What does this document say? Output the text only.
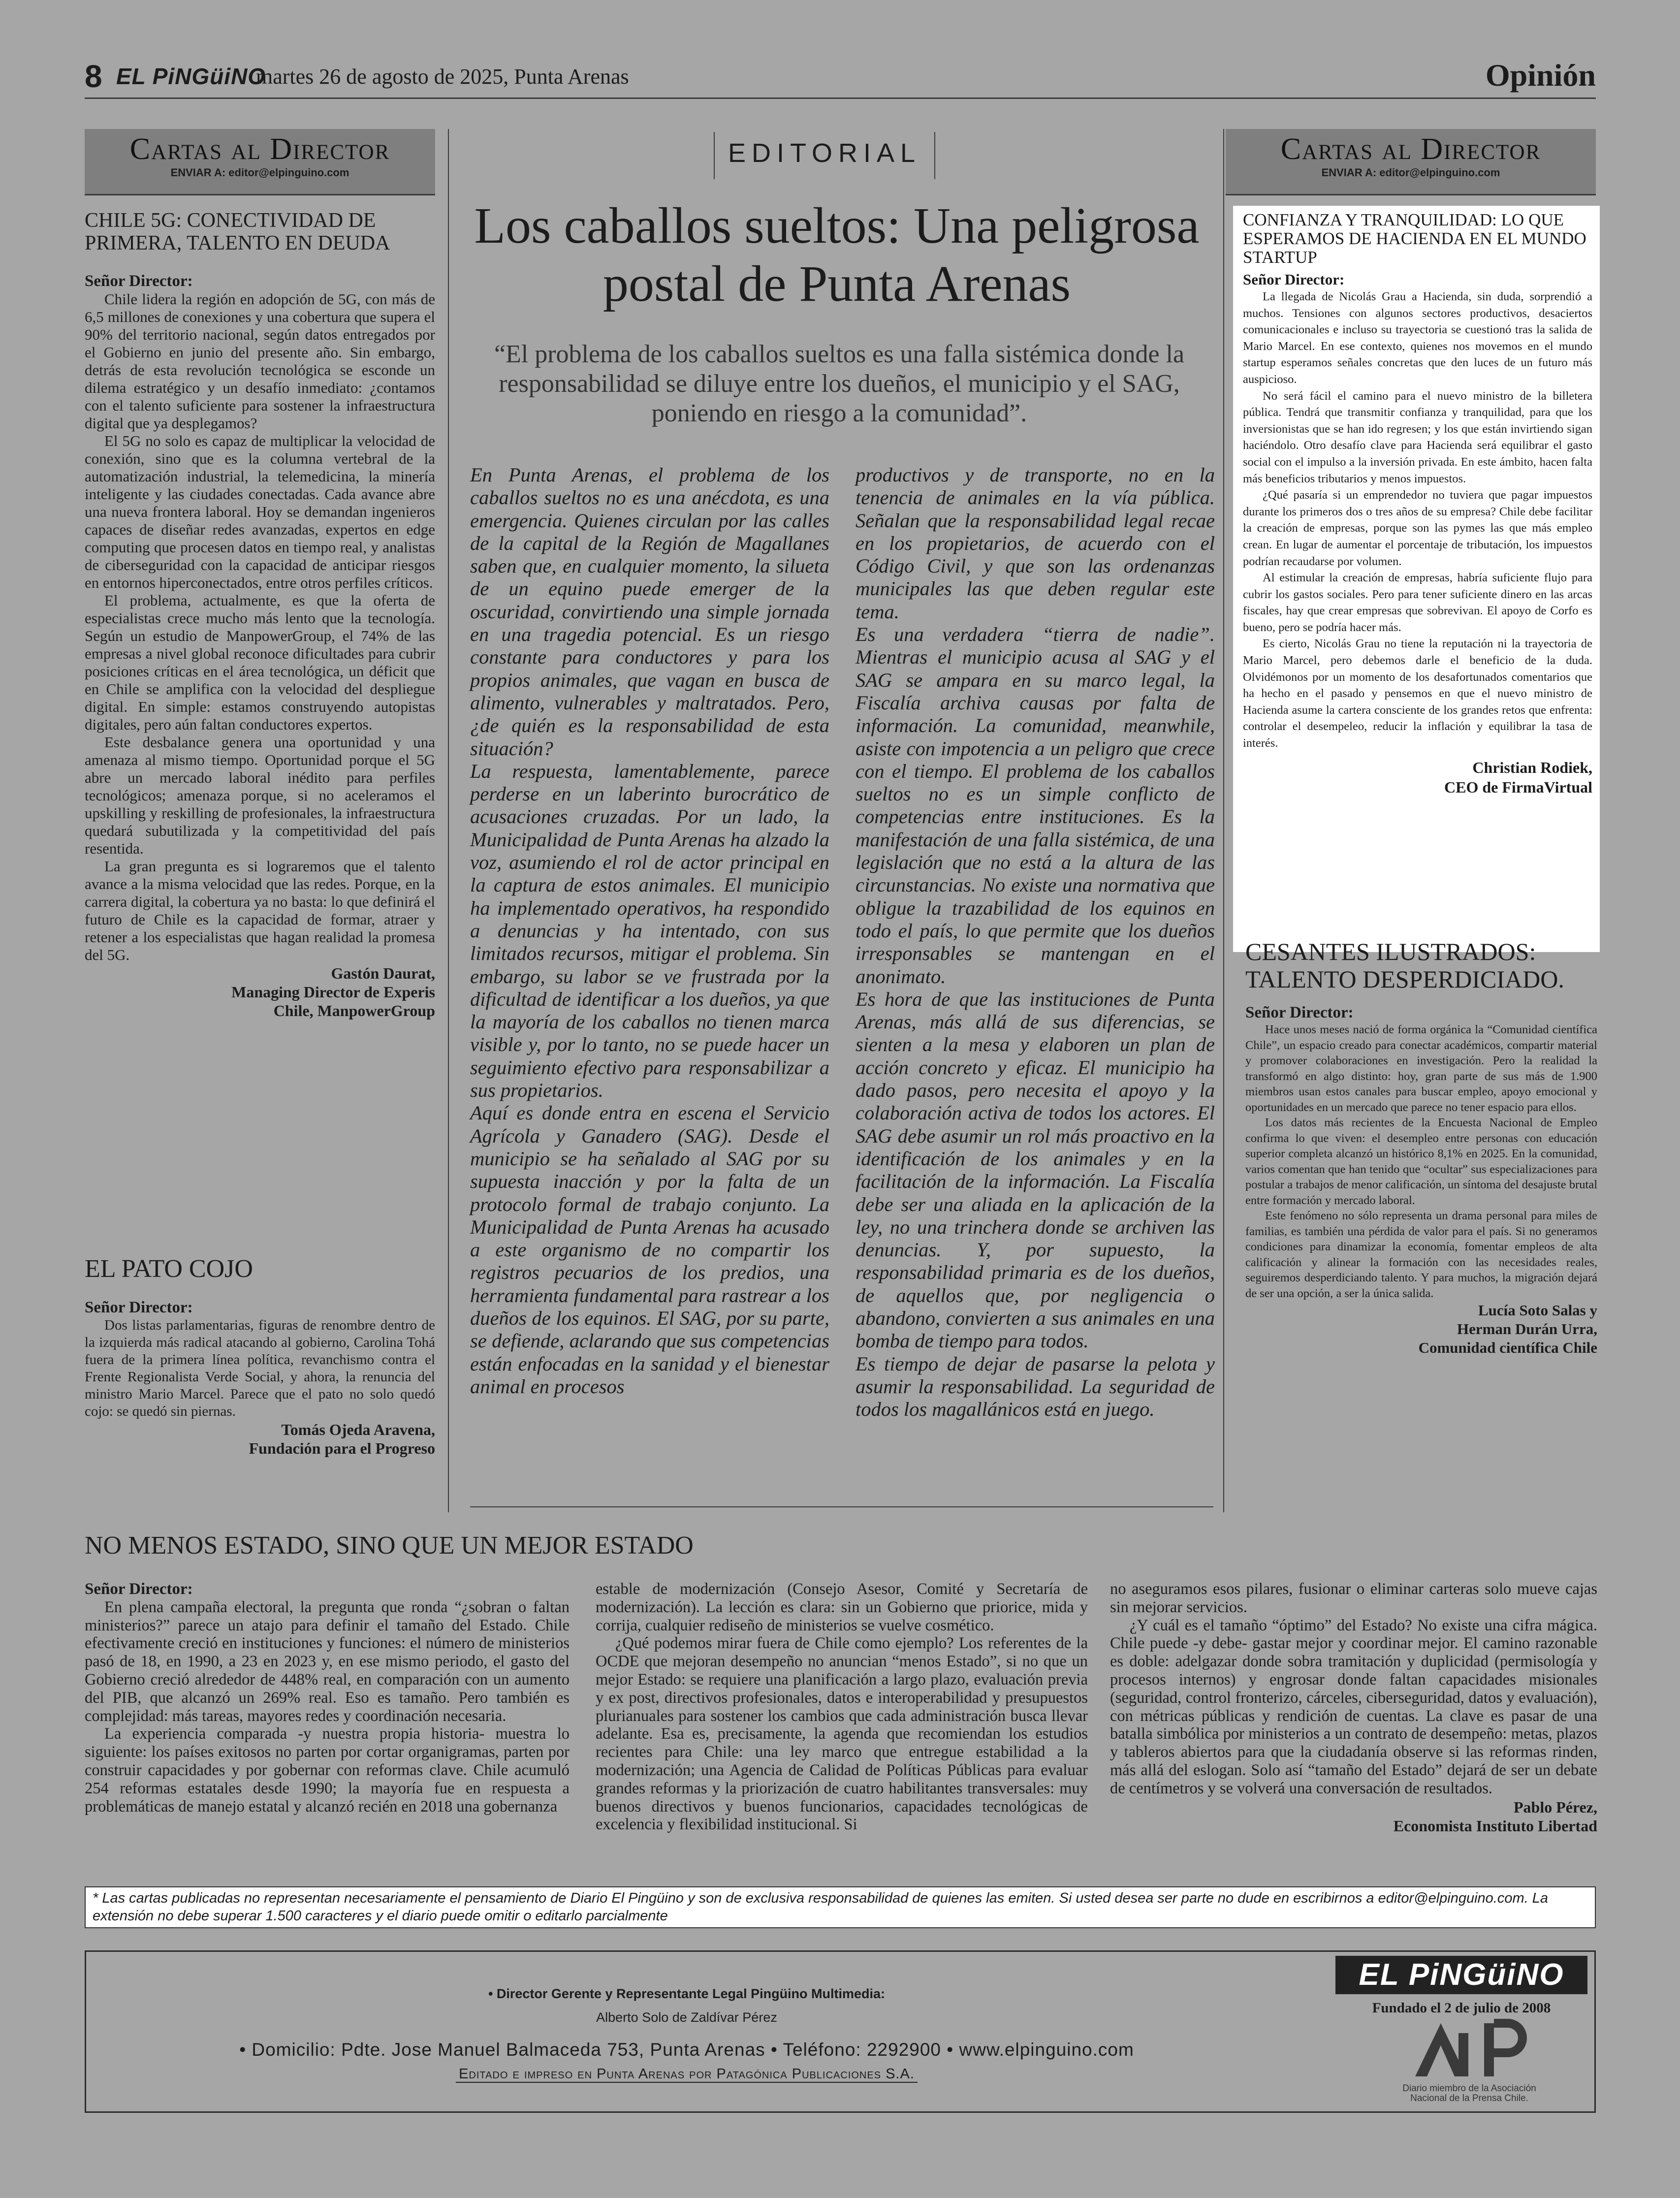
8 EL PiNGüiNO
martes 26 de agosto de 2025, Punta Arenas	Opinión
Cartas al Director
ENVIAR A: editor@elpinguino.com
CHILE 5G: CONECTIVIDAD DE PRIMERA, TALENTO EN DEUDA
Señor Director:

Chile lidera la región en adopción de 5G, con más de 6,5 millones de conexiones y una cobertura que supera el 90% del territorio nacional, según datos entregados por el Gobierno en junio del presente año. Sin embargo, detrás de esta revolución tecnológica se esconde un dilema estratégico y un desafío inmediato: ¿contamos con el talento suficiente para sostener la infraestructura digital que ya desplegamos?

El 5G no solo es capaz de multiplicar la velocidad de conexión, sino que es la columna vertebral de la automatización industrial, la telemedicina, la minería inteligente y las ciudades conectadas. Cada avance abre una nueva frontera laboral. Hoy se demandan ingenieros capaces de diseñar redes avanzadas, expertos en edge computing que procesen datos en tiempo real, y analistas de ciberseguridad con la capacidad de anticipar riesgos en entornos hiperconectados, entre otros perfiles críticos.

El problema, actualmente, es que la oferta de especialistas crece mucho más lento que la tecnología. Según un estudio de ManpowerGroup, el 74% de las empresas a nivel global reconoce dificultades para cubrir posiciones críticas en el área tecnológica, un déficit que en Chile se amplifica con la velocidad del despliegue digital. En simple: estamos construyendo autopistas digitales, pero aún faltan conductores expertos.

Este desbalance genera una oportunidad y una amenaza al mismo tiempo. Oportunidad porque el 5G abre un mercado laboral inédito para perfiles tecnológicos; amenaza porque, si no aceleramos el upskilling y reskilling de profesionales, la infraestructura quedará subutilizada y la competitividad del país resentida.

La gran pregunta es si lograremos que el talento avance a la misma velocidad que las redes. Porque, en la carrera digital, la cobertura ya no basta: lo que definirá el futuro de Chile es la capacidad de formar, atraer y retener a los especialistas que hagan realidad la promesa del 5G.

Gastón Daurat,
Managing Director de Experis
Chile, ManpowerGroup
EL PATO COJO
Señor Director:

Dos listas parlamentarias, figuras de renombre dentro de la izquierda más radical atacando al gobierno, Carolina Tohá fuera de la primera línea política, revanchismo contra el Frente Regionalista Verde Social, y ahora, la renuncia del ministro Mario Marcel. Parece que el pato no solo quedó cojo: se quedó sin piernas.

Tomás Ojeda Aravena,
Fundación para el Progreso
EDITORIAL
Los caballos sueltos: Una peligrosa postal de Punta Arenas
“El problema de los caballos sueltos es una falla sistémica donde la responsabilidad se diluye entre los dueños, el municipio y el SAG, poniendo en riesgo a la comunidad”.

En Punta Arenas, el problema de los caballos sueltos no es una anécdota, es una emergencia. Quienes circulan por las calles de la capital de la Región de Magallanes saben que, en cualquier momento, la silueta de un equino puede emerger de la oscuridad, convirtiendo una simple jornada en una tragedia potencial. Es un riesgo constante para conductores y para los propios animales, que vagan en busca de alimento, vulnerables y maltratados. Pero, ¿de quién es la responsabilidad de esta situación?

La respuesta, lamentablemente, parece perderse en un laberinto burocrático de acusaciones cruzadas. Por un lado, la Municipalidad de Punta Arenas ha alzado la voz, asumiendo el rol de actor principal en la captura de estos animales. El municipio ha implementado operativos, ha respondido a denuncias y ha intentado, con sus limitados recursos, mitigar el problema. Sin embargo, su labor se ve frustrada por la dificultad de identificar a los dueños, ya que la mayoría de los caballos no tienen marca visible y, por lo tanto, no se puede hacer un seguimiento efectivo para responsabilizar a sus propietarios.

Aquí es donde entra en escena el Servicio Agrícola y Ganadero (SAG). Desde el municipio se ha señalado al SAG por su supuesta inacción y por la falta de un protocolo formal de trabajo conjunto. La Municipalidad de Punta Arenas ha acusado a este organismo de no compartir los registros pecuarios de los predios, una herramienta fundamental para rastrear a los dueños de los equinos. El SAG, por su parte, se defiende, aclarando que sus competencias están enfocadas en la sanidad y el bienestar animal en procesos

productivos y de transporte, no en la tenencia de animales en la vía pública. Señalan que la responsabilidad legal recae en los propietarios, de acuerdo con el Código Civil, y que son las ordenanzas municipales las que deben regular este tema.

Es una verdadera “tierra de nadie”. Mientras el municipio acusa al SAG y el SAG se ampara en su marco legal, la Fiscalía archiva causas por falta de información. La comunidad, meanwhile, asiste con impotencia a un peligro que crece con el tiempo. El problema de los caballos sueltos no es un simple conflicto de competencias entre instituciones. Es la manifestación de una falla sistémica, de una legislación que no está a la altura de las circunstancias. No existe una normativa que obligue la trazabilidad de los equinos en todo el país, lo que permite que los dueños irresponsables se mantengan en el anonimato.

Es hora de que las instituciones de Punta Arenas, más allá de sus diferencias, se sienten a la mesa y elaboren un plan de acción concreto y eficaz. El municipio ha dado pasos, pero necesita el apoyo y la colaboración activa de todos los actores. El SAG debe asumir un rol más proactivo en la identificación de los animales y en la facilitación de la información. La Fiscalía debe ser una aliada en la aplicación de la ley, no una trinchera donde se archiven las denuncias. Y, por supuesto, la responsabilidad primaria es de los dueños, de aquellos que, por negligencia o abandono, convierten a sus animales en una bomba de tiempo para todos.

Es tiempo de dejar de pasarse la pelota y asumir la responsabilidad. La seguridad de todos los magallánicos está en juego.

Cartas al Director
ENVIAR A: editor@elpinguino.com
CONFIANZA Y TRANQUILIDAD: LO QUE ESPERAMOS DE HACIENDA EN EL MUNDO STARTUP
Señor Director:

La llegada de Nicolás Grau a Hacienda, sin duda, sorprendió a muchos. Tensiones con algunos sectores productivos, desaciertos comunicacionales e incluso su trayectoria se cuestionó tras la salida de Mario Marcel. En ese contexto, quienes nos movemos en el mundo startup esperamos señales concretas que den luces de un futuro más auspicioso.

No será fácil el camino para el nuevo ministro de la billetera pública. Tendrá que transmitir confianza y tranquilidad, para que los inversionistas que se han ido regresen; y los que están invirtiendo sigan haciéndolo. Otro desafío clave para Hacienda será equilibrar el gasto social con el impulso a la inversión privada. En este ámbito, hacen falta más beneficios tributarios y menos impuestos.

¿Qué pasaría si un emprendedor no tuviera que pagar impuestos durante los primeros dos o tres años de su empresa? Chile debe facilitar la creación de empresas, porque son las pymes las que más empleo crean. En lugar de aumentar el porcentaje de tributación, los impuestos podrían recaudarse por volumen.

Al estimular la creación de empresas, habría suficiente flujo para cubrir los gastos sociales. Pero para tener suficiente dinero en las arcas fiscales, hay que crear empresas que sobrevivan. El apoyo de Corfo es bueno, pero se podría hacer más.

Es cierto, Nicolás Grau no tiene la reputación ni la trayectoria de Mario Marcel, pero debemos darle el beneficio de la duda. Olvidémonos por un momento de los desafortunados comentarios que ha hecho en el pasado y pensemos en que el nuevo ministro de Hacienda asume la cartera consciente de los grandes retos que enfrenta: controlar el desempeleo, reducir la inflación y equilibrar la tasa de interés.

Christian Rodiek,
CEO de FirmaVirtual
CESANTES ILUSTRADOS: TALENTO DESPERDICIADO.
Señor Director:

Hace unos meses nació de forma orgánica la “Comunidad científica Chile”, un espacio creado para conectar académicos, compartir material y promover colaboraciones en investigación. Pero la realidad la transformó en algo distinto: hoy, gran parte de sus más de 1.900 miembros usan estos canales para buscar empleo, apoyo emocional y oportunidades en un mercado que parece no tener espacio para ellos.

Los datos más recientes de la Encuesta Nacional de Empleo confirma lo que viven: el desempleo entre personas con educación superior completa alcanzó un histórico 8,1% en 2025. En la comunidad, varios comentan que han tenido que “ocultar” sus especializaciones para postular a trabajos de menor calificación, un síntoma del desajuste brutal entre formación y mercado laboral.

Este fenómeno no sólo representa un drama personal para miles de familias, es también una pérdida de valor para el país. Si no generamos condiciones para dinamizar la economía, fomentar empleos de alta calificación y alinear la formación con las necesidades reales, seguiremos desperdiciando talento. Y para muchos, la migración dejará de ser una opción, a ser la única salida.

Lucía Soto Salas y
Herman Durán Urra,
Comunidad científica Chile
NO MENOS ESTADO, SINO QUE UN MEJOR ESTADO
Señor Director:

En plena campaña electoral, la pregunta que ronda “¿sobran o faltan ministerios?” parece un atajo para definir el tamaño del Estado. Chile efectivamente creció en instituciones y funciones: el número de ministerios pasó de 18, en 1990, a 23 en 2023 y, en ese mismo periodo, el gasto del Gobierno creció alrededor de 448% real, en comparación con un aumento del PIB, que alcanzó un 269% real. Eso es tamaño. Pero también es complejidad: más tareas, mayores redes y coordinación necesaria.

La experiencia comparada -y nuestra propia historia- muestra lo siguiente: los países exitosos no parten por cortar organigramas, parten por construir capacidades y por gobernar con reformas clave. Chile acumuló 254 reformas estatales desde 1990; la mayoría fue en respuesta a problemáticas de manejo estatal y alcanzó recién en 2018 una gobernanza

estable de modernización (Consejo Asesor, Comité y Secretaría de modernización). La lección es clara: sin un Gobierno que priorice, mida y corrija, cualquier rediseño de ministerios se vuelve cosmético.

¿Qué podemos mirar fuera de Chile como ejemplo? Los referentes de la OCDE que mejoran desempeño no anuncian “menos Estado”, si no que un mejor Estado: se requiere una planificación a largo plazo, evaluación previa y ex post, directivos profesionales, datos e interoperabilidad y presupuestos plurianuales para sostener los cambios que cada administración busca llevar adelante. Esa es, precisamente, la agenda que recomiendan los estudios recientes para Chile: una ley marco que entregue estabilidad a la modernización; una Agencia de Calidad de Políticas Públicas para evaluar grandes reformas y la priorización de cuatro habilitantes transversales: muy buenos directivos y buenos funcionarios, capacidades tecnológicas de excelencia y flexibilidad institucional. Si

no aseguramos esos pilares, fusionar o eliminar carteras solo mueve cajas sin mejorar servicios.

¿Y cuál es el tamaño “óptimo” del Estado? No existe una cifra mágica. Chile puede -y debe- gastar mejor y coordinar mejor. El camino razonable es doble: adelgazar donde sobra tramitación y duplicidad (permisología y procesos internos) y engrosar donde faltan capacidades misionales (seguridad, control fronterizo, cárceles, ciberseguridad, datos y evaluación), con métricas públicas y rendición de cuentas. La clave es pasar de una batalla simbólica por ministerios a un contrato de desempeño: metas, plazos y tableros abiertos para que la ciudadanía observe si las reformas rinden, más allá del eslogan. Solo así “tamaño del Estado” dejará de ser un debate de centímetros y se volverá una conversación de resultados.

Pablo Pérez,
Economista Instituto Libertad
* Las cartas publicadas no representan necesariamente el pensamiento de Diario El Pingüino y son de exclusiva responsabilidad de quienes las emiten. Si usted desea ser parte no dude en escribirnos a editor@elpinguino.com. La extensión no debe superar 1.500 caracteres y el diario puede omitir o editarlo parcialmente
• Director Gerente y Representante Legal Pingüino Multimedia:
Alberto Solo de Zaldívar Pérez
• Domicilio: Pdte. Jose Manuel Balmaceda 753, Punta Arenas • Teléfono: 2292900 • www.elpinguino.com
Editado e impreso en Punta Arenas por Patagónica Publicaciones S.A.
EL PiNGüiNO
Fundado el 2 de julio de 2008
Diario miembro de la Asociación
Nacional de la Prensa Chile.
